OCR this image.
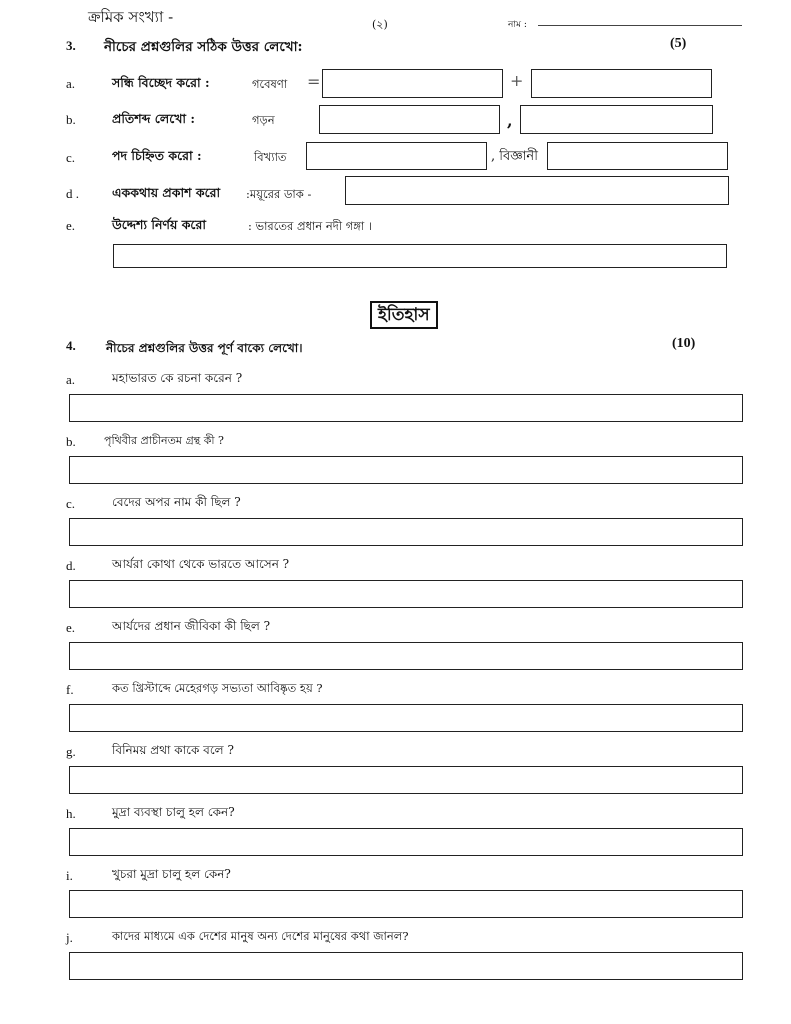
ক্রমিক সংখ্যা -	(২)	নাম :
3. নীচের প্রশ্নগুলির সঠিক উত্তর লেখো:	(5)
a.	সন্ধি বিচ্ছেদ করো :	গবেষণা =	+
b.	প্রতিশব্দ লেখো :	গড়ন	,
c.	পদ চিহ্নিত করো :	বিখ্যাত	, বিজ্ঞানী
d .	এককথায় প্রকাশ করো :ময়ূরের ডাক -
e.	উদ্দেশ্য নির্ণয় করো	: ভারতের প্রধান নদী গঙ্গা ।
ইতিহাস
4.	নীচের প্রশ্নগুলির উত্তর পূর্ণ বাক্যে লেখো।	(10)
a.	মহাভারত কে রচনা করেন ?
b.	পৃথিবীর প্রাচীনতম গ্রন্থ কী ?
c.	বেদের অপর নাম কী ছিল ?
d.	আর্যরা কোথা থেকে ভারতে আসেন ?
e.	আর্যদের প্রধান জীবিকা কী ছিল ?
f.	কত খ্রিস্টাব্দে মেহেরগড় সভ্যতা আবিষ্কৃত হয় ?
g.	বিনিময় প্রথা কাকে বলে ?
h.	মুদ্রা ব্যবস্থা চালু হল কেন?
i.	খুচরা মুদ্রা চালু হল কেন?
j.	কাদের মাধ্যমে এক দেশের মানুষ অন্য দেশের মানুষের কথা জানল?
